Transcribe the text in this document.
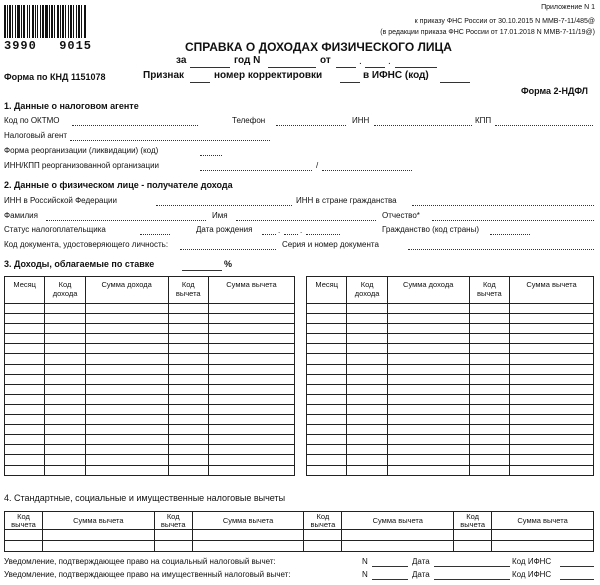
3990 9015
Приложение N 1
к приказу ФНС России от 30.10.2015 N ММВ-7-11/485@
(в редакции приказа ФНС России от 17.01.2018 N ММВ-7-11/19@)
СПРАВКА О ДОХОДАХ ФИЗИЧЕСКОГО ЛИЦА
за	год N	от	.	.
Форма по КНД 1151078	Признак	номер корректировки	в ИФНС (код)
Форма 2-НДФЛ
1. Данные о налоговом агенте
Код по ОКТМО	Телефон	ИНН	КПП
Налоговый агент
Форма реорганизации (ликвидации) (код)
ИНН/КПП реорганизованной организации	/
2. Данные о физическом лице - получателе дохода
ИНН в Российской Федерации	ИНН в стране гражданства
Фамилия	Имя	Отчество*
Статус налогоплательщика	Дата рождения	. .	Гражданство (код страны)
Код документа, удостоверяющего личность:	Серия и номер документа
3. Доходы, облагаемые по ставке	%
Месяц	Код дохода	Сумма дохода	Код вычета	Сумма вычета

					Месяц	Код дохода	Сумма дохода	Код вычета	Сумма вычета

4. Стандартные, социальные и имущественные налоговые вычеты
Код вычета	Сумма вычета	Код вычета	Сумма вычета	Код вычета	Сумма вычета	Код вычета	Сумма вычета

Уведомление, подтверждающее право на социальный налоговый вычет:	N	Дата	Код ИФНС
Уведомление, подтверждающее право на имущественный налоговый вычет:	N	Дата	Код ИФНС
